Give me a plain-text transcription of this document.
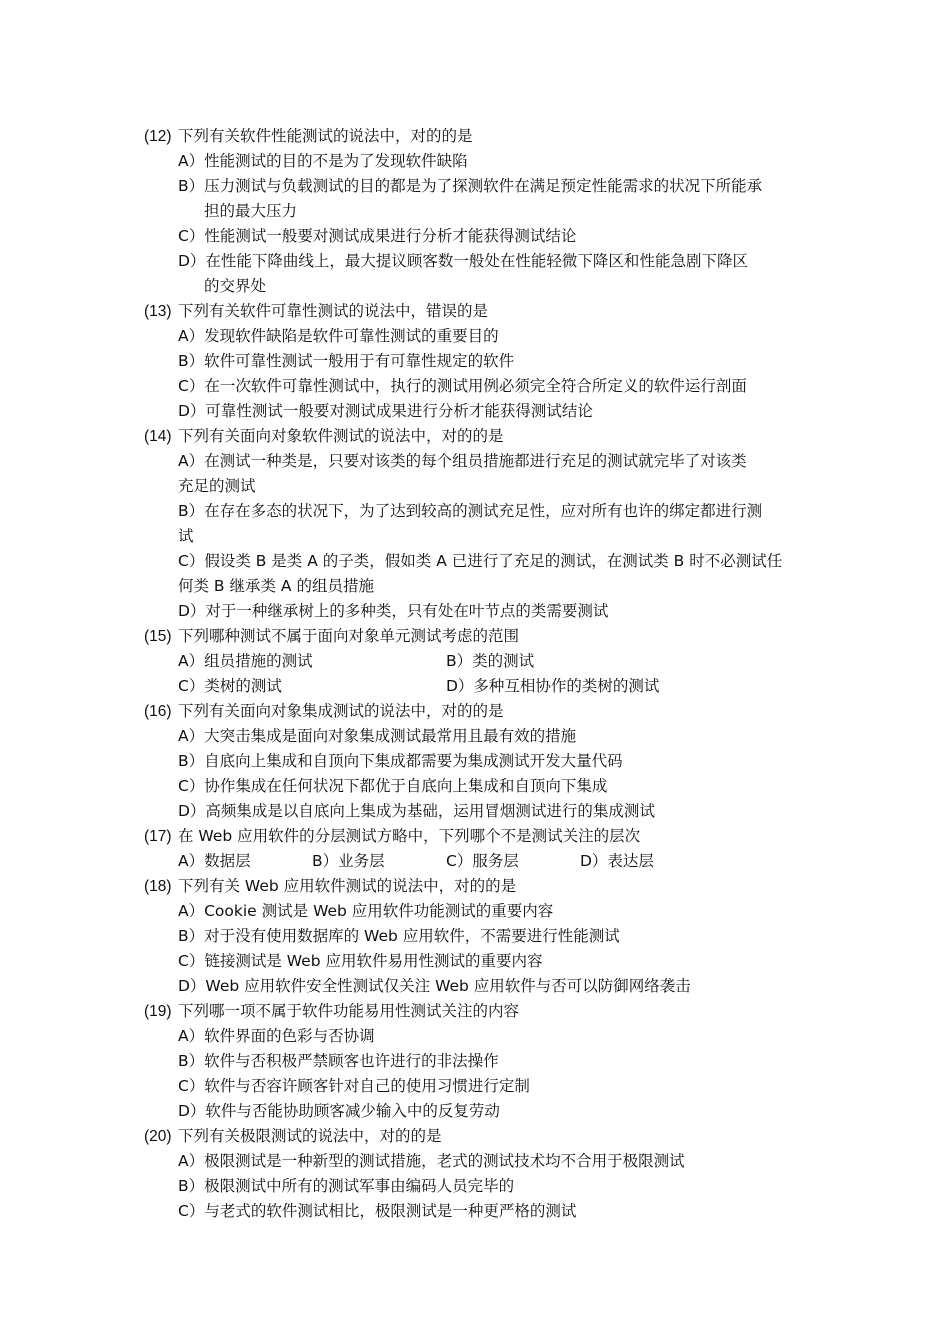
(12) 下列有关软件性能测试的说法中，对的的是
A）性能测试的目的不是为了发现软件缺陷
B）压力测试与负载测试的目的都是为了探测软件在满足预定性能需求的状况下所能承
担的最大压力
C）性能测试一般要对测试成果进行分析才能获得测试结论
D）在性能下降曲线上，最大提议顾客数一般处在性能轻微下降区和性能急剧下降区
的交界处
(13) 下列有关软件可靠性测试的说法中，错误的是
A）发现软件缺陷是软件可靠性测试的重要目的
B）软件可靠性测试一般用于有可靠性规定的软件
C）在一次软件可靠性测试中，执行的测试用例必须完全符合所定义的软件运行剖面
D）可靠性测试一般要对测试成果进行分析才能获得测试结论
(14) 下列有关面向对象软件测试的说法中，对的的是
A）在测试一种类是，只要对该类的每个组员措施都进行充足的测试就完毕了对该类
充足的测试
B）在存在多态的状况下，为了达到较高的测试充足性，应对所有也许的绑定都进行测
试
C）假设类 B 是类 A 的子类，假如类 A 已进行了充足的测试，在测试类 B 时不必测试任
何类 B 继承类 A 的组员措施
D）对于一种继承树上的多种类，只有处在叶节点的类需要测试
(15) 下列哪种测试不属于面向对象单元测试考虑的范围
A）组员措施的测试	B）类的测试
C）类树的测试	D）多种互相协作的类树的测试
(16) 下列有关面向对象集成测试的说法中，对的的是
A）大突击集成是面向对象集成测试最常用且最有效的措施
B）自底向上集成和自顶向下集成都需要为集成测试开发大量代码
C）协作集成在任何状况下都优于自底向上集成和自顶向下集成
D）高频集成是以自底向上集成为基础，运用冒烟测试进行的集成测试
(17) 在 Web 应用软件的分层测试方略中，下列哪个不是测试关注的层次
A）数据层	B）业务层	C）服务层	D）表达层
(18) 下列有关 Web 应用软件测试的说法中，对的的是
A）Cookie 测试是 Web 应用软件功能测试的重要内容
B）对于没有使用数据库的 Web 应用软件，不需要进行性能测试
C）链接测试是 Web 应用软件易用性测试的重要内容
D）Web 应用软件安全性测试仅关注 Web 应用软件与否可以防御网络袭击
(19) 下列哪一项不属于软件功能易用性测试关注的内容
A）软件界面的色彩与否协调
B）软件与否积极严禁顾客也许进行的非法操作
C）软件与否容许顾客针对自己的使用习惯进行定制
D）软件与否能协助顾客减少输入中的反复劳动
(20) 下列有关极限测试的说法中，对的的是
A）极限测试是一种新型的测试措施，老式的测试技术均不合用于极限测试
B）极限测试中所有的测试军事由编码人员完毕的
C）与老式的软件测试相比，极限测试是一种更严格的测试
